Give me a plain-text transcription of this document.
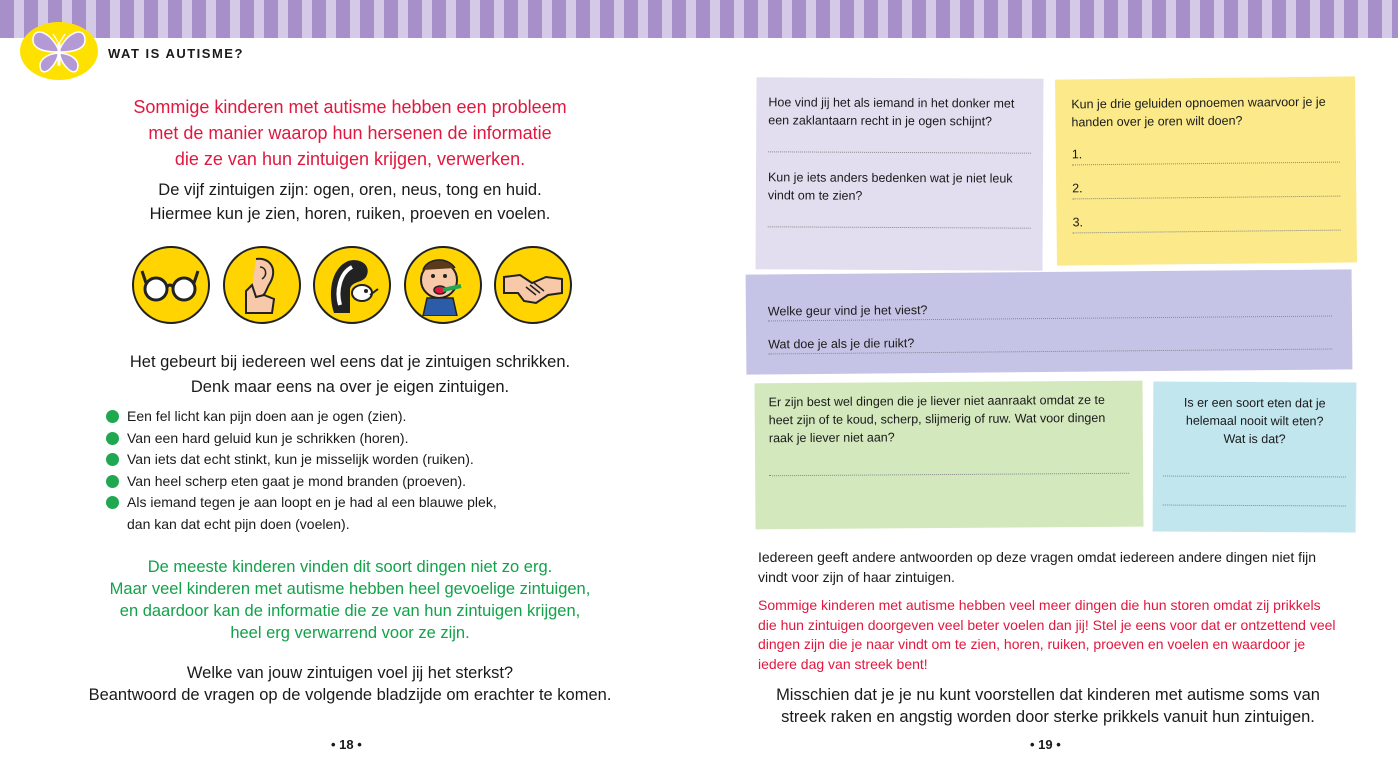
WAT IS AUTISME?
Sommige kinderen met autisme hebben een probleem
met de manier waarop hun hersenen de informatie
die ze van hun zintuigen krijgen, verwerken.
De vijf zintuigen zijn: ogen, oren, neus, tong en huid.
Hiermee kun je zien, horen, ruiken, proeven en voelen.
Het gebeurt bij iedereen wel eens dat je zintuigen schrikken.
Denk maar eens na over je eigen zintuigen.
Een fel licht kan pijn doen aan je ogen (zien).
Van een hard geluid kun je schrikken (horen).
Van iets dat echt stinkt, kun je misselijk worden (ruiken).
Van heel scherp eten gaat je mond branden (proeven).
Als iemand tegen je aan loopt en je had al een blauwe plek,
dan kan dat echt pijn doen (voelen).
De meeste kinderen vinden dit soort dingen niet zo erg.
Maar veel kinderen met autisme hebben heel gevoelige zintuigen,
en daardoor kan de informatie die ze van hun zintuigen krijgen,
heel erg verwarrend voor ze zijn.
Welke van jouw zintuigen voel jij het sterkst?
Beantwoord de vragen op de volgende bladzijde om erachter te komen.
• 18 •
Hoe vind jij het als iemand in het donker met een zaklantaarn recht in je ogen schijnt?
Kun je iets anders bedenken wat je niet leuk vindt om te zien?
Kun je drie geluiden opnoemen waarvoor je je handen over je oren wilt doen?
1.
2.
3.
Welke geur vind je het viest?
Wat doe je als je die ruikt?
Er zijn best wel dingen die je liever niet aanraakt omdat ze te heet zijn of te koud, scherp, slijmerig of ruw. Wat voor dingen raak je liever niet aan?
Is er een soort eten dat je helemaal nooit wilt eten? Wat is dat?
Iedereen geeft andere antwoorden op deze vragen omdat iedereen andere dingen niet fijn vindt voor zijn of haar zintuigen.
Sommige kinderen met autisme hebben veel meer dingen die hun storen omdat zij prikkels die hun zintuigen doorgeven veel beter voelen dan jij! Stel je eens voor dat er ontzettend veel dingen zijn die je naar vindt om te zien, horen, ruiken, proeven en voelen en waardoor je iedere dag van streek bent!
Misschien dat je je nu kunt voorstellen dat kinderen met autisme soms van
streek raken en angstig worden door sterke prikkels vanuit hun zintuigen.
• 19 •
